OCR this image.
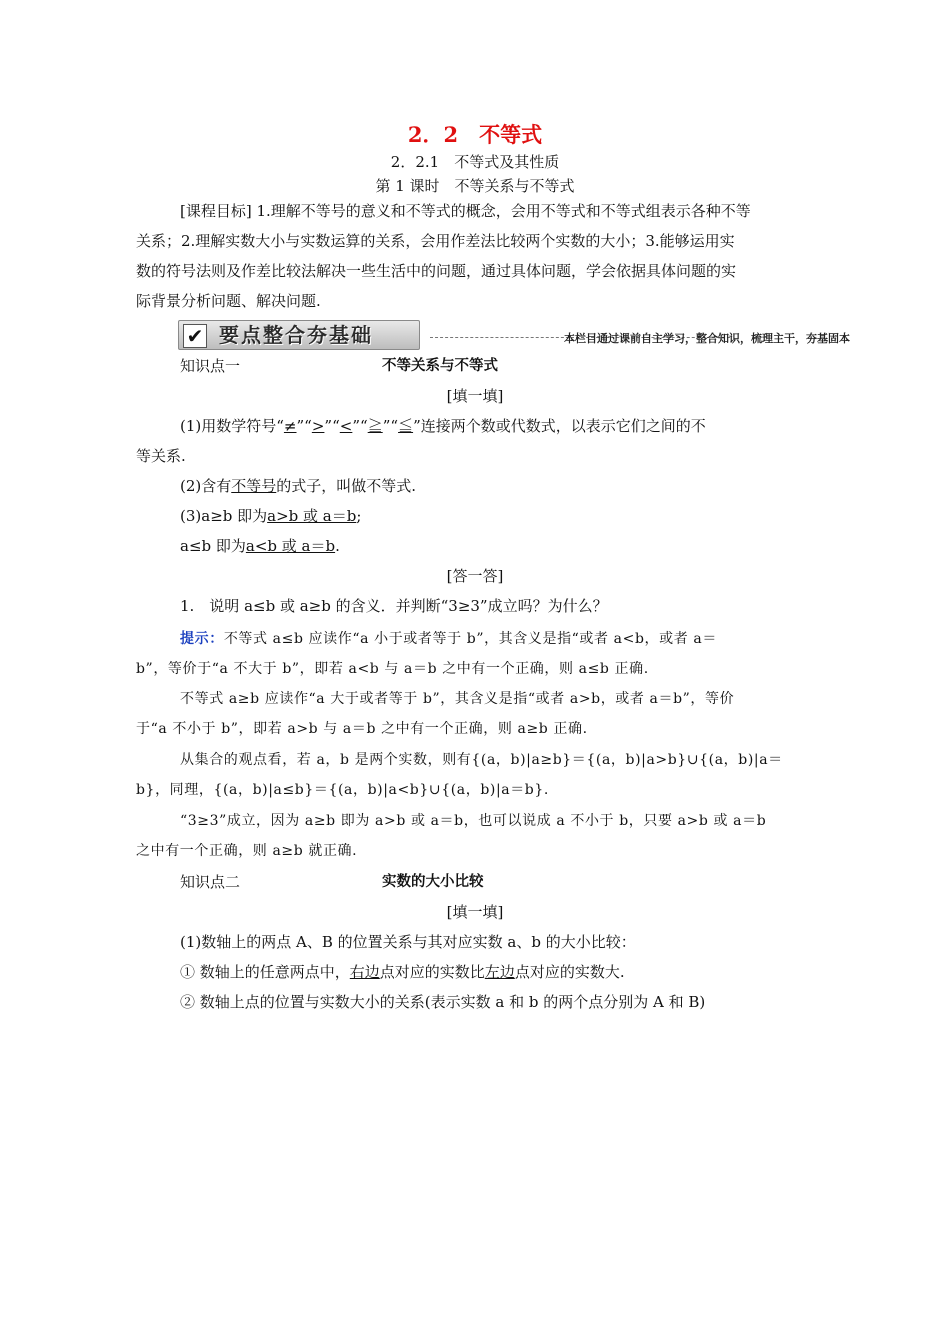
2．2　不等式
2．2.1　不等式及其性质
第 1 课时　不等关系与不等式
[课程目标] 1.理解不等号的意义和不等式的概念，会用不等式和不等式组表示各种不等
关系；2.理解实数大小与实数运算的关系，会用作差法比较两个实数的大小；3.能够运用实
数的符号法则及作差比较法解决一些生活中的问题，通过具体问题，学会依据具体问题的实
际背景分析问题、解决问题.
✔ 要点整合夯基础	本栏目通过课前自主学习，整合知识，梳理主干，夯基固本
知识点一	不等关系与不等式
[填一填]
(1)用数学符号“≠”“>”“<”“≧”“≦”连接两个数或代数式，以表示它们之间的不
等关系.
(2)含有不等号的式子，叫做不等式.
(3)a≥b 即为a>b 或 a＝b;
a≤b 即为a<b 或 a＝b.
[答一答]
1.　说明 a≤b 或 a≥b 的含义．并判断“3≥3”成立吗？为什么？
提示：不等式 a≤b 应读作“a 小于或者等于 b”，其含义是指“或者 a<b，或者 a＝
b”，等价于“a 不大于 b”，即若 a<b 与 a＝b 之中有一个正确，则 a≤b 正确.
不等式 a≥b 应读作“a 大于或者等于 b”，其含义是指“或者 a>b，或者 a＝b”，等价
于“a 不小于 b”，即若 a>b 与 a＝b 之中有一个正确，则 a≥b 正确.
从集合的观点看，若 a，b 是两个实数，则有{(a，b)|a≥b}＝{(a，b)|a>b}∪{(a，b)|a＝
b}，同理，{(a，b)|a≤b}＝{(a，b)|a<b}∪{(a，b)|a＝b}.
“3≥3”成立，因为 a≥b 即为 a>b 或 a＝b，也可以说成 a 不小于 b，只要 a>b 或 a＝b
之中有一个正确，则 a≥b 就正确.
知识点二	实数的大小比较
[填一填]
(1)数轴上的两点 A、B 的位置关系与其对应实数 a、b 的大小比较：
① 数轴上的任意两点中，右边点对应的实数比左边点对应的实数大.
② 数轴上点的位置与实数大小的关系(表示实数 a 和 b 的两个点分别为 A 和 B)
